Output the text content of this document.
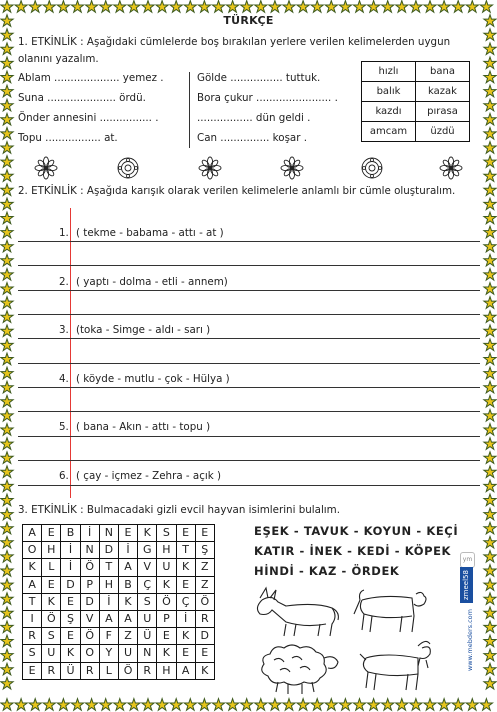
TÜRKÇE
1. ETKİNLİK : Aşağıdaki cümlelerde boş bırakılan yerlere verilen kelimelerden uygun
olanını yazalım.
Ablam .................... yemez .
Suna ..................... ördü.
Önder annesini ................ .
Topu ................. at.
Gölde ................ tuttuk.
Bora çukur ....................... .
................. dün geldi .
Can ............... koşar .
hızlı	bana
balık	kazak
kazdı	pırasa
amcam	üzdü
2. ETKİNLİK : Aşağıda karışık olarak verilen kelimelerle anlamlı bir cümle oluşturalım.
1. ( tekme - babama - attı - at )
2. ( yaptı - dolma - etli - annem)
3. (toka - Simge - aldı - sarı )
4. ( köyde - mutlu - çok - Hülya )
5. ( bana - Akın - attı - topu )
6. ( çay - içmez - Zehra - açık )
3. ETKİNLİK : Bulmacadaki gizli evcil hayvan isimlerini bulalım.
A	E	B	İ	N	E	K	S	E	E
O	H	İ	N	D	İ	G	H	T	Ş
K	L	İ	Ö	T	A	V	U	K	Z
A	E	D	P	H	B	Ç	K	E	Z
T	K	E	D	İ	K	S	Ö	Ç	Ö
I	Ö	Ş	V	A	A	U	P	İ	R
R	S	E	Ö	F	Z	Ü	E	K	D
S	U	K	O	Y	U	N	K	E	E
E	R	Ü	R	L	Ö	R	H	A	K
EŞEK - TAVUK - KOYUN - KEÇİ
KATIR - İNEK - KEDİ - KÖPEK
HİNDİ - KAZ - ÖRDEK
ym
zmeel58
www.mebders.com
